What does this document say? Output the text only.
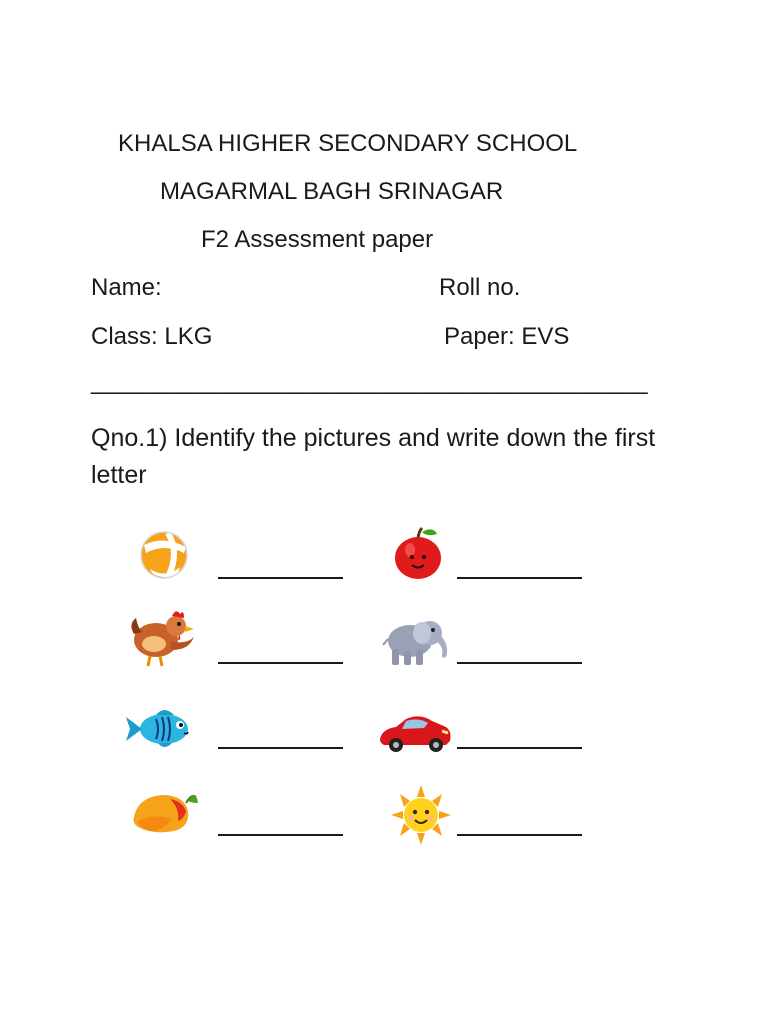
KHALSA HIGHER SECONDARY SCHOOL
MAGARMAL BAGH SRINAGAR
F2 Assessment paper
Name:	Roll no.
Class: LKG	Paper: EVS
_____________________________________________
Qno.1) Identify the pictures and write down the first letter
